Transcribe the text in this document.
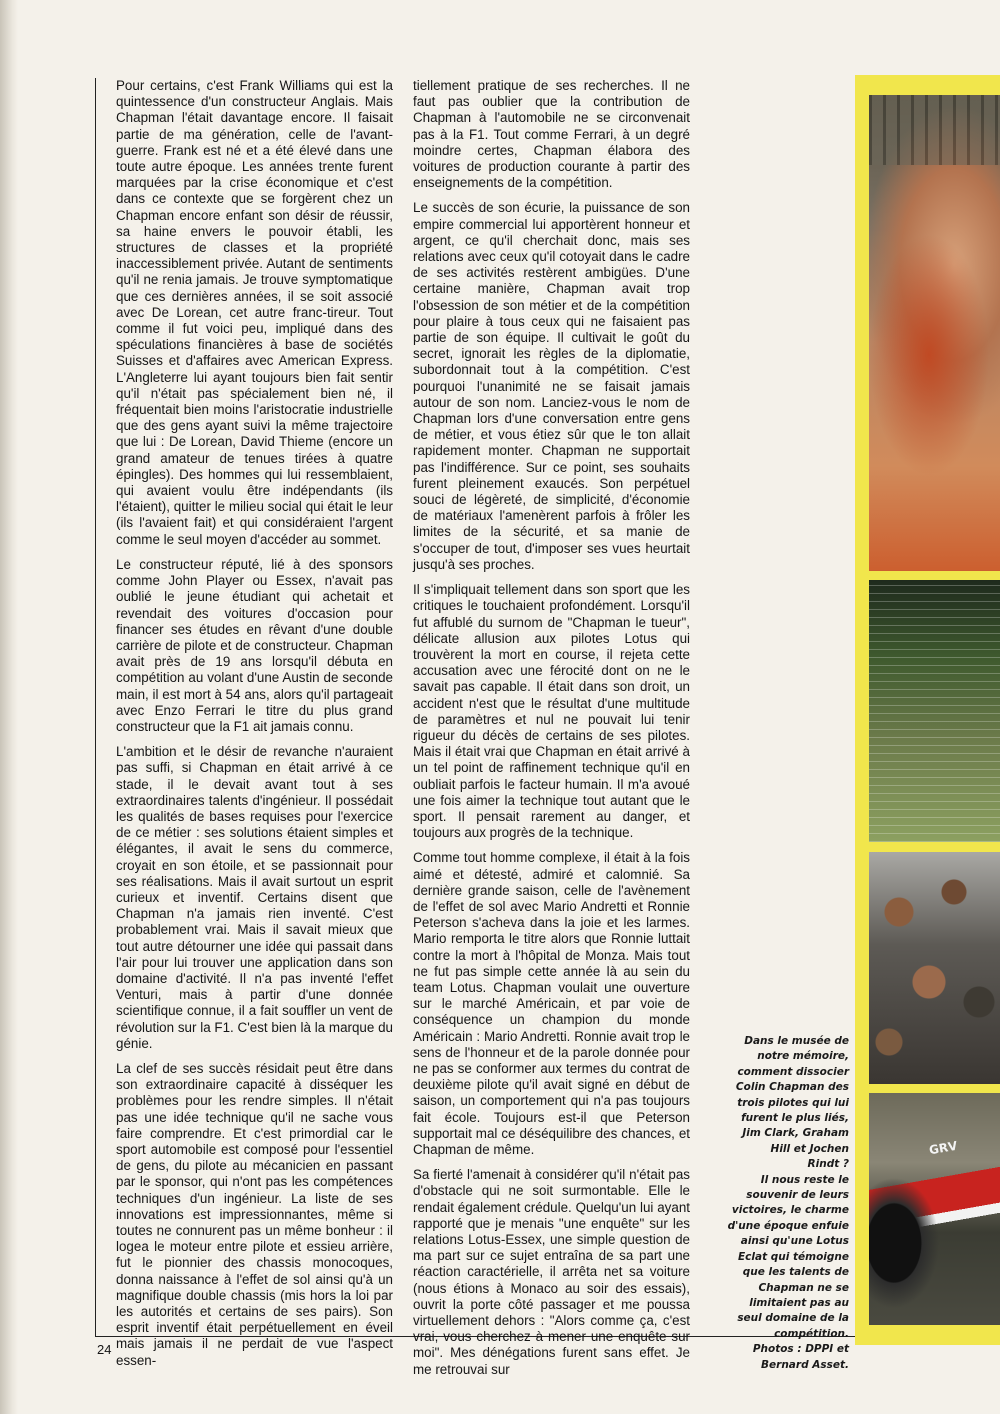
Pour certains, c'est Frank Williams qui est la quintessence d'un constructeur Anglais. Mais Chapman l'était davantage encore. Il faisait partie de ma génération, celle de l'avant-guerre. Frank est né et a été élevé dans une toute autre époque. Les années trente furent marquées par la crise économique et c'est dans ce contexte que se forgèrent chez un Chapman encore enfant son désir de réussir, sa haine envers le pouvoir établi, les structures de classes et la propriété inaccessiblement privée. Autant de sentiments qu'il ne renia jamais. Je trouve symptomatique que ces dernières années, il se soit associé avec De Lorean, cet autre franc-tireur. Tout comme il fut voici peu, impliqué dans des spéculations financières à base de sociétés Suisses et d'affaires avec American Express. L'Angleterre lui ayant toujours bien fait sentir qu'il n'était pas spécialement bien né, il fréquentait bien moins l'aristocratie industrielle que des gens ayant suivi la même trajectoire que lui : De Lorean, David Thieme (encore un grand amateur de tenues tirées à quatre épingles). Des hommes qui lui ressemblaient, qui avaient voulu être indépendants (ils l'étaient), quitter le milieu social qui était le leur (ils l'avaient fait) et qui considéraient l'argent comme le seul moyen d'accéder au sommet.

Le constructeur réputé, lié à des sponsors comme John Player ou Essex, n'avait pas oublié le jeune étudiant qui achetait et revendait des voitures d'occasion pour financer ses études en rêvant d'une double carrière de pilote et de constructeur. Chapman avait près de 19 ans lorsqu'il débuta en compétition au volant d'une Austin de seconde main, il est mort à 54 ans, alors qu'il partageait avec Enzo Ferrari le titre du plus grand constructeur que la F1 ait jamais connu.

L'ambition et le désir de revanche n'auraient pas suffi, si Chapman en était arrivé à ce stade, il le devait avant tout à ses extraordinaires talents d'ingénieur. Il possédait les qualités de bases requises pour l'exercice de ce métier : ses solutions étaient simples et élégantes, il avait le sens du commerce, croyait en son étoile, et se passionnait pour ses réalisations. Mais il avait surtout un esprit curieux et inventif. Certains disent que Chapman n'a jamais rien inventé. C'est probablement vrai. Mais il savait mieux que tout autre détourner une idée qui passait dans l'air pour lui trouver une application dans son domaine d'activité. Il n'a pas inventé l'effet Venturi, mais à partir d'une donnée scientifique connue, il a fait souffler un vent de révolution sur la F1. C'est bien là la marque du génie.

La clef de ses succès résidait peut être dans son extraordinaire capacité à disséquer les problèmes pour les rendre simples. Il n'était pas une idée technique qu'il ne sache vous faire comprendre. Et c'est primordial car le sport automobile est composé pour l'essentiel de gens, du pilote au mécanicien en passant par le sponsor, qui n'ont pas les compétences techniques d'un ingénieur. La liste de ses innovations est impressionnantes, même si toutes ne connurent pas un même bonheur : il logea le moteur entre pilote et essieu arrière, fut le pionnier des chassis monocoques, donna naissance à l'effet de sol ainsi qu'à un magnifique double chassis (mis hors la loi par les autorités et certains de ses pairs). Son esprit inventif était perpétuellement en éveil mais jamais il ne perdait de vue l'aspect essen-

tiellement pratique de ses recherches. Il ne faut pas oublier que la contribution de Chapman à l'automobile ne se circonvenait pas à la F1. Tout comme Ferrari, à un degré moindre certes, Chapman élabora des voitures de production courante à partir des enseignements de la compétition.

Le succès de son écurie, la puissance de son empire commercial lui apportèrent honneur et argent, ce qu'il cherchait donc, mais ses relations avec ceux qu'il cotoyait dans le cadre de ses activités restèrent ambigües. D'une certaine manière, Chapman avait trop l'obsession de son métier et de la compétition pour plaire à tous ceux qui ne faisaient pas partie de son équipe. Il cultivait le goût du secret, ignorait les règles de la diplomatie, subordonnait tout à la compétition. C'est pourquoi l'unanimité ne se faisait jamais autour de son nom. Lanciez-vous le nom de Chapman lors d'une conversation entre gens de métier, et vous étiez sûr que le ton allait rapidement monter. Chapman ne supportait pas l'indifférence. Sur ce point, ses souhaits furent pleinement exaucés. Son perpétuel souci de légèreté, de simplicité, d'économie de matériaux l'amenèrent parfois à frôler les limites de la sécurité, et sa manie de s'occuper de tout, d'imposer ses vues heurtait jusqu'à ses proches.

Il s'impliquait tellement dans son sport que les critiques le touchaient profondément. Lorsqu'il fut affublé du surnom de "Chapman le tueur", délicate allusion aux pilotes Lotus qui trouvèrent la mort en course, il rejeta cette accusation avec une férocité dont on ne le savait pas capable. Il était dans son droit, un accident n'est que le résultat d'une multitude de paramètres et nul ne pouvait lui tenir rigueur du décès de certains de ses pilotes. Mais il était vrai que Chapman en était arrivé à un tel point de raffinement technique qu'il en oubliait parfois le facteur humain. Il m'a avoué une fois aimer la technique tout autant que le sport. Il pensait rarement au danger, et toujours aux progrès de la technique.

Comme tout homme complexe, il était à la fois aimé et détesté, admiré et calomnié. Sa dernière grande saison, celle de l'avènement de l'effet de sol avec Mario Andretti et Ronnie Peterson s'acheva dans la joie et les larmes. Mario remporta le titre alors que Ronnie luttait contre la mort à l'hôpital de Monza. Mais tout ne fut pas simple cette année là au sein du team Lotus. Chapman voulait une ouverture sur le marché Américain, et par voie de conséquence un champion du monde Américain : Mario Andretti. Ronnie avait trop le sens de l'honneur et de la parole donnée pour ne pas se conformer aux termes du contrat de deuxième pilote qu'il avait signé en début de saison, un comportement qui n'a pas toujours fait école. Toujours est-il que Peterson supportait mal ce déséquilibre des chances, et Chapman de même.

Sa fierté l'amenait à considérer qu'il n'était pas d'obstacle qui ne soit surmontable. Elle le rendait également crédule. Quelqu'un lui ayant rapporté que je menais "une enquête" sur les relations Lotus-Essex, une simple question de ma part sur ce sujet entraîna de sa part une réaction caractérielle, il arrêta net sa voiture (nous étions à Monaco au soir des essais), ouvrit la porte côté passager et me poussa virtuellement dehors : "Alors comme ça, c'est vrai, vous cherchez à mener une enquête sur moi". Mes dénégations furent sans effet. Je me retrouvai sur

Dans le musée de

notre mémoire,

comment dissocier

Colin Chapman des

trois pilotes qui lui

furent le plus liés,

Jim Clark, Graham

Hill et Jochen

Rindt ?

Il nous reste le

souvenir de leurs

victoires, le charme

d'une époque enfuie

ainsi qu'une Lotus

Eclat qui témoigne

que les talents de

Chapman ne se

limitaient pas au

seul domaine de la

compétition.

Photos : DPPI et

Bernard Asset.

GRV
24
